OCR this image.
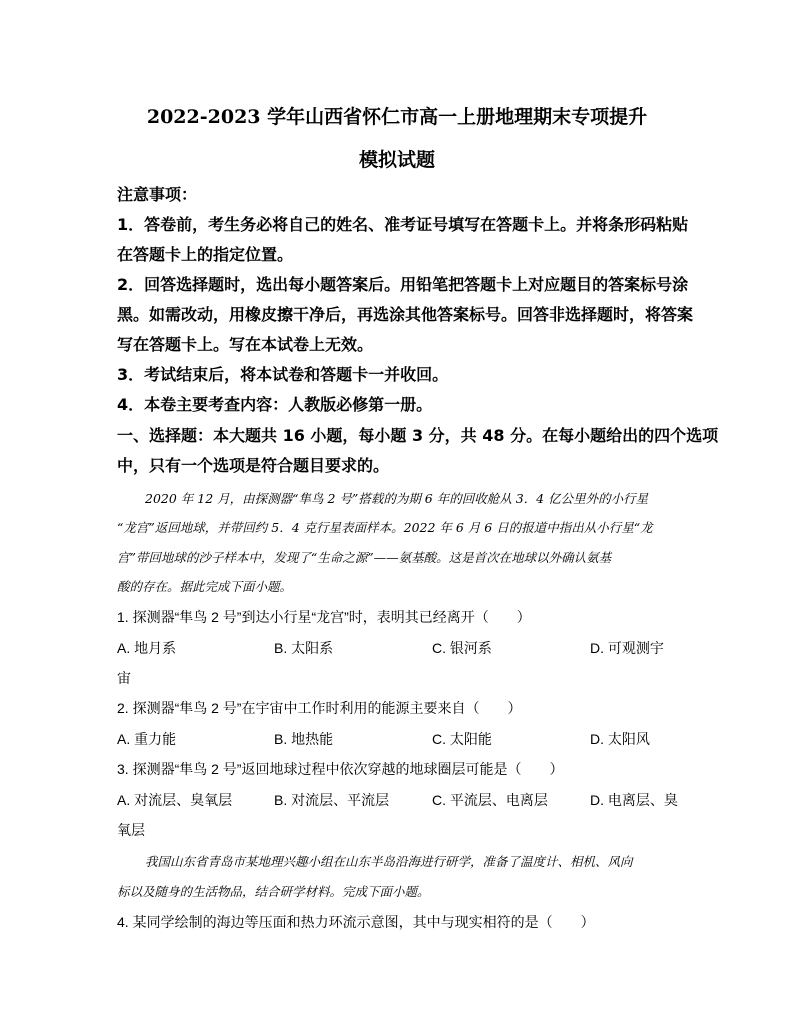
2022-2023 学年山西省怀仁市高一上册地理期末专项提升
模拟试题
注意事项：
1．答卷前，考生务必将自己的姓名、准考证号填写在答题卡上。并将条形码粘贴
在答题卡上的指定位置。
2．回答选择题时，选出每小题答案后。用铅笔把答题卡上对应题目的答案标号涂
黑。如需改动，用橡皮擦干净后，再选涂其他答案标号。回答非选择题时，将答案
写在答题卡上。写在本试卷上无效。
3．考试结束后，将本试卷和答题卡一并收回。
4．本卷主要考查内容：人教版必修第一册。
一、选择题：本大题共 16 小题，每小题 3 分，共 48 分。在每小题给出的四个选项
中，只有一个选项是符合题目要求的。
2020 年 12 月，由探测器“隼鸟 2 号”搭载的为期 6 年的回收舱从 3．4 亿公里外的小行星
“龙宫”返回地球，并带回约 5．4 克行星表面样本。2022 年 6 月 6 日的报道中指出从小行星“龙
宫”带回地球的沙子样本中，发现了“生命之源”——氨基酸。这是首次在地球以外确认氨基
酸的存在。据此完成下面小题。
1. 探测器“隼鸟 2 号”到达小行星“龙宫”时，表明其已经离开（　　）
A. 地月系	B. 太阳系	C. 银河系	D. 可观测宇
宙
2. 探测器“隼鸟 2 号”在宇宙中工作时利用的能源主要来自（　　）
A. 重力能	B. 地热能	C. 太阳能	D. 太阳风
3. 探测器“隼鸟 2 号”返回地球过程中依次穿越的地球圈层可能是（　　）
A. 对流层、臭氧层	B. 对流层、平流层	C. 平流层、电离层	D. 电离层、臭
氧层
我国山东省青岛市某地理兴趣小组在山东半岛沿海进行研学，准备了温度计、相机、风向
标以及随身的生活物品，结合研学材料。完成下面小题。
4. 某同学绘制的海边等压面和热力环流示意图，其中与现实相符的是（　　）
